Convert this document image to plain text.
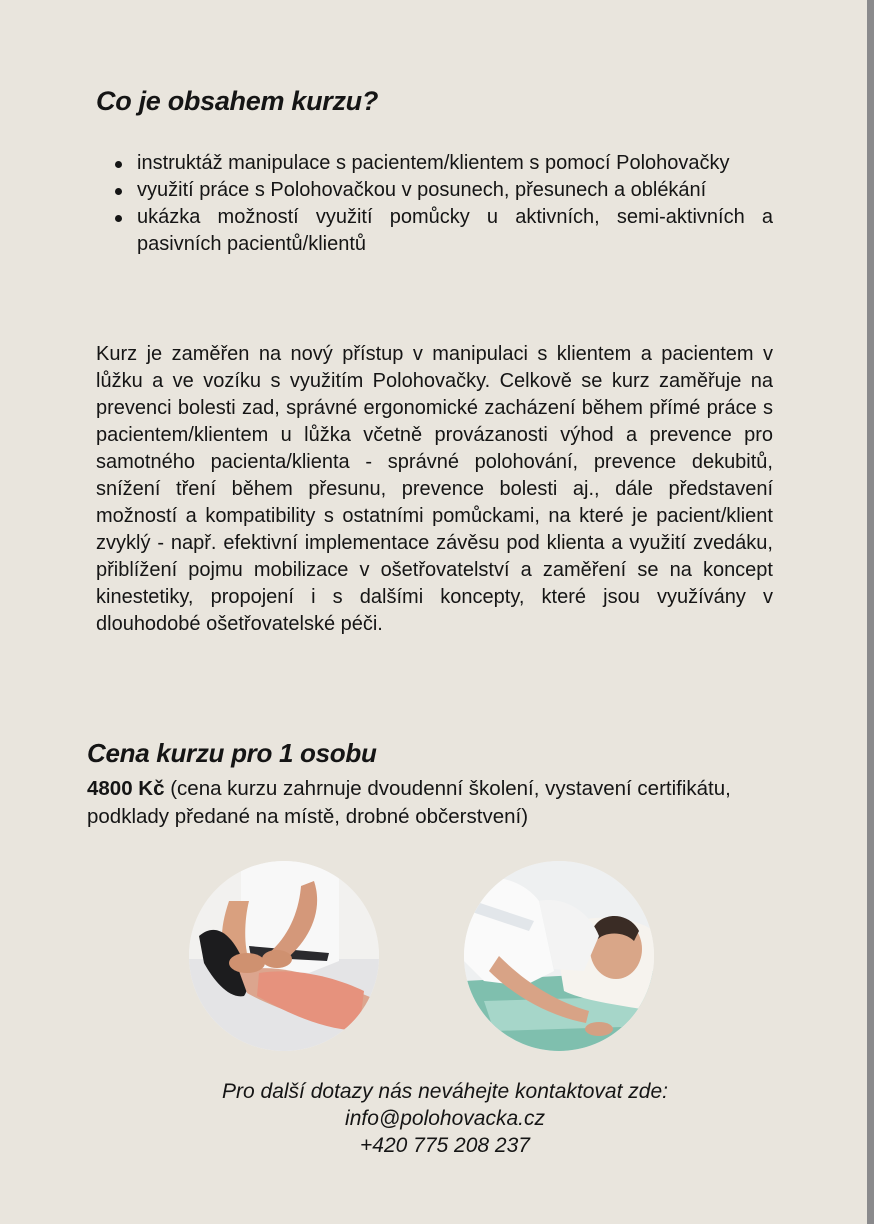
Co je obsahem kurzu?
instruktáž manipulace s pacientem/klientem s pomocí Polohovačky
využití práce s Polohovačkou v posunech, přesunech a oblékání
ukázka možností využití pomůcky u aktivních, semi-aktivních a pasivních pacientů/klientů

Kurz je zaměřen na nový přístup v manipulaci s klientem a pacientem v lůžku a ve vozíku s využitím Polohovačky. Celkově se kurz zaměřuje na prevenci bolesti zad, správné ergonomické zacházení během přímé práce s pacientem/klientem u lůžka včetně provázanosti výhod a prevence pro samotného pacienta/klienta - správné polohování, prevence dekubitů, snížení tření během přesunu, prevence bolesti aj., dále představení možností a kompatibility s ostatními pomůckami, na které je pacient/klient zvyklý - např. efektivní implementace závěsu pod klienta a využití zvedáku, přiblížení pojmu mobilizace v ošetřovatelství a zaměření se na koncept kinestetiky, propojení i s dalšími koncepty, které jsou využívány v dlouhodobé ošetřovatelské péči.

Cena kurzu pro 1 osobu

4800 Kč (cena kurzu zahrnuje dvoudenní školení, vystavení certifikátu, podklady předané na místě, drobné občerstvení)

Pro další dotazy nás neváhejte kontaktovat zde:
info@polohovacka.cz
+420 775 208 237
